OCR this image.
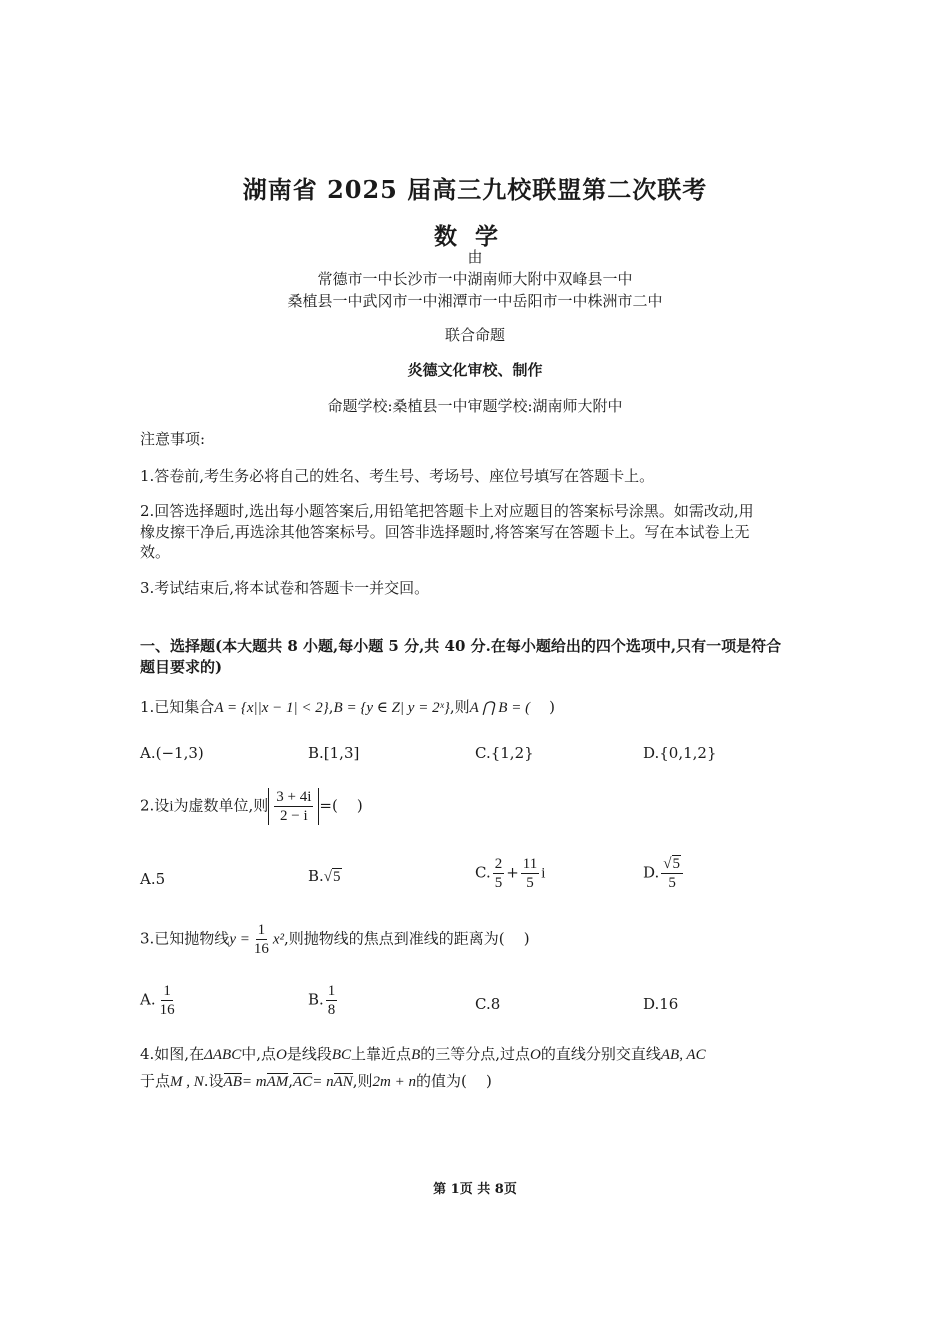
湖南省 2025 届高三九校联盟第二次联考
数学
由
常德市一中长沙市一中湖南师大附中双峰县一中
桑植县一中武冈市一中湘潭市一中岳阳市一中株洲市二中
联合命题
炎德文化审校、制作
命题学校:桑植县一中审题学校:湖南师大附中
注意事项:
1.答卷前,考生务必将自己的姓名、考生号、考场号、座位号填写在答题卡上。
2.回答选择题时,选出每小题答案后,用铅笔把答题卡上对应题目的答案标号涂黑。如需改动,用
橡皮擦干净后,再选涂其他答案标号。回答非选择题时,将答案写在答题卡上。写在本试卷上无
效。
3.考试结束后,将本试卷和答题卡一并交回。
一、选择题(本大题共 8 小题,每小题 5 分,共 40 分.在每小题给出的四个选项中,只有一项是符合
题目要求的)
1.已知集合A = {x||x − 1| < 2},B = {y ∈ Z| y = 2ˣ},则A ⋂ B = (    )
A.(−1,3)	B.[1,3]	C.{1,2}	D.{0,1,2}
2.设i为虚数单位,则 $\frac{3 + 4i}{2 - i}$ =(    )
A.5	B.√5	C. $\frac{2}{5} + \frac{11}{5}$ i	D. $\frac{√5}{5}$
3.已知抛物线$y = \frac{1}{16} x^2$,则抛物线的焦点到准线的距离为(    )
A. $\frac{1}{16}$	B. $\frac{1}{8}$	C.8	D.16
4.如图,在ΔABC中,点O是线段BC上靠近点B的三等分点,过点O的直线分别交直线AB, AC
于点M , N.设AB= mAM,AC= nAN,则2m + n的值为(    )
第 1页 共 8页
